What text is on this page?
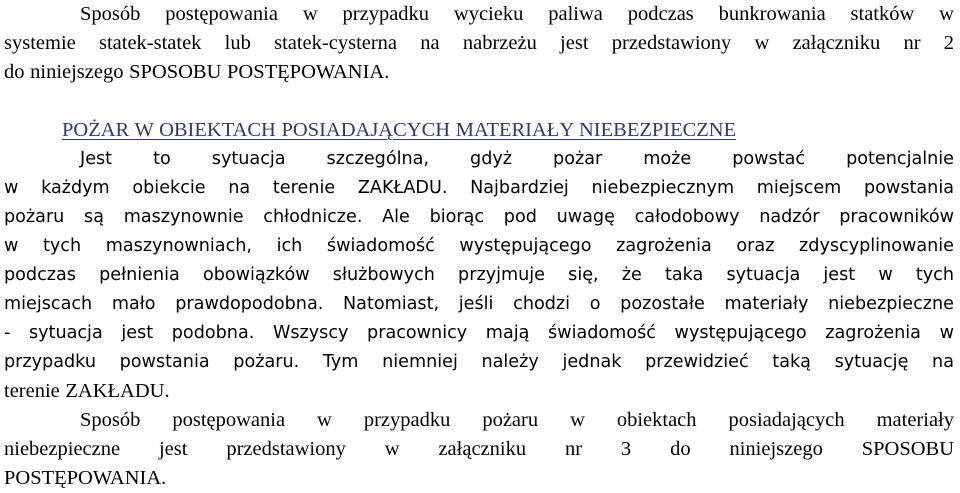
Sposób postępowania w przypadku wycieku paliwa podczas bunkrowania statków w
systemie statek-statek lub statek-cysterna na nabrzeżu jest przedstawiony w załączniku nr 2
do niniejszego SPOSOBU POSTĘPOWANIA.
POŻAR W OBIEKTACH POSIADAJĄCYCH MATERIAŁY NIEBEZPIECZNE
Jest to sytuacja szczególna, gdyż pożar może powstać potencjalnie
w każdym obiekcie na terenie ZAKŁADU. Najbardziej niebezpiecznym miejscem powstania
pożaru są maszynownie chłodnicze. Ale biorąc pod uwagę całodobowy nadzór pracowników
w tych maszynowniach, ich świadomość występującego zagrożenia oraz zdyscyplinowanie
podczas pełnienia obowiązków służbowych przyjmuje się, że taka sytuacja jest w tych
miejscach mało prawdopodobna. Natomiast, jeśli chodzi o pozostałe materiały niebezpieczne
- sytuacja jest podobna. Wszyscy pracownicy mają świadomość występującego zagrożenia w
przypadku powstania pożaru. Tym niemniej należy jednak przewidzieć taką sytuację na
terenie ZAKŁADU.
Sposób postępowania w przypadku pożaru w obiektach posiadających materiały
niebezpieczne jest przedstawiony w załączniku nr 3 do niniejszego SPOSOBU
POSTĘPOWANIA.
